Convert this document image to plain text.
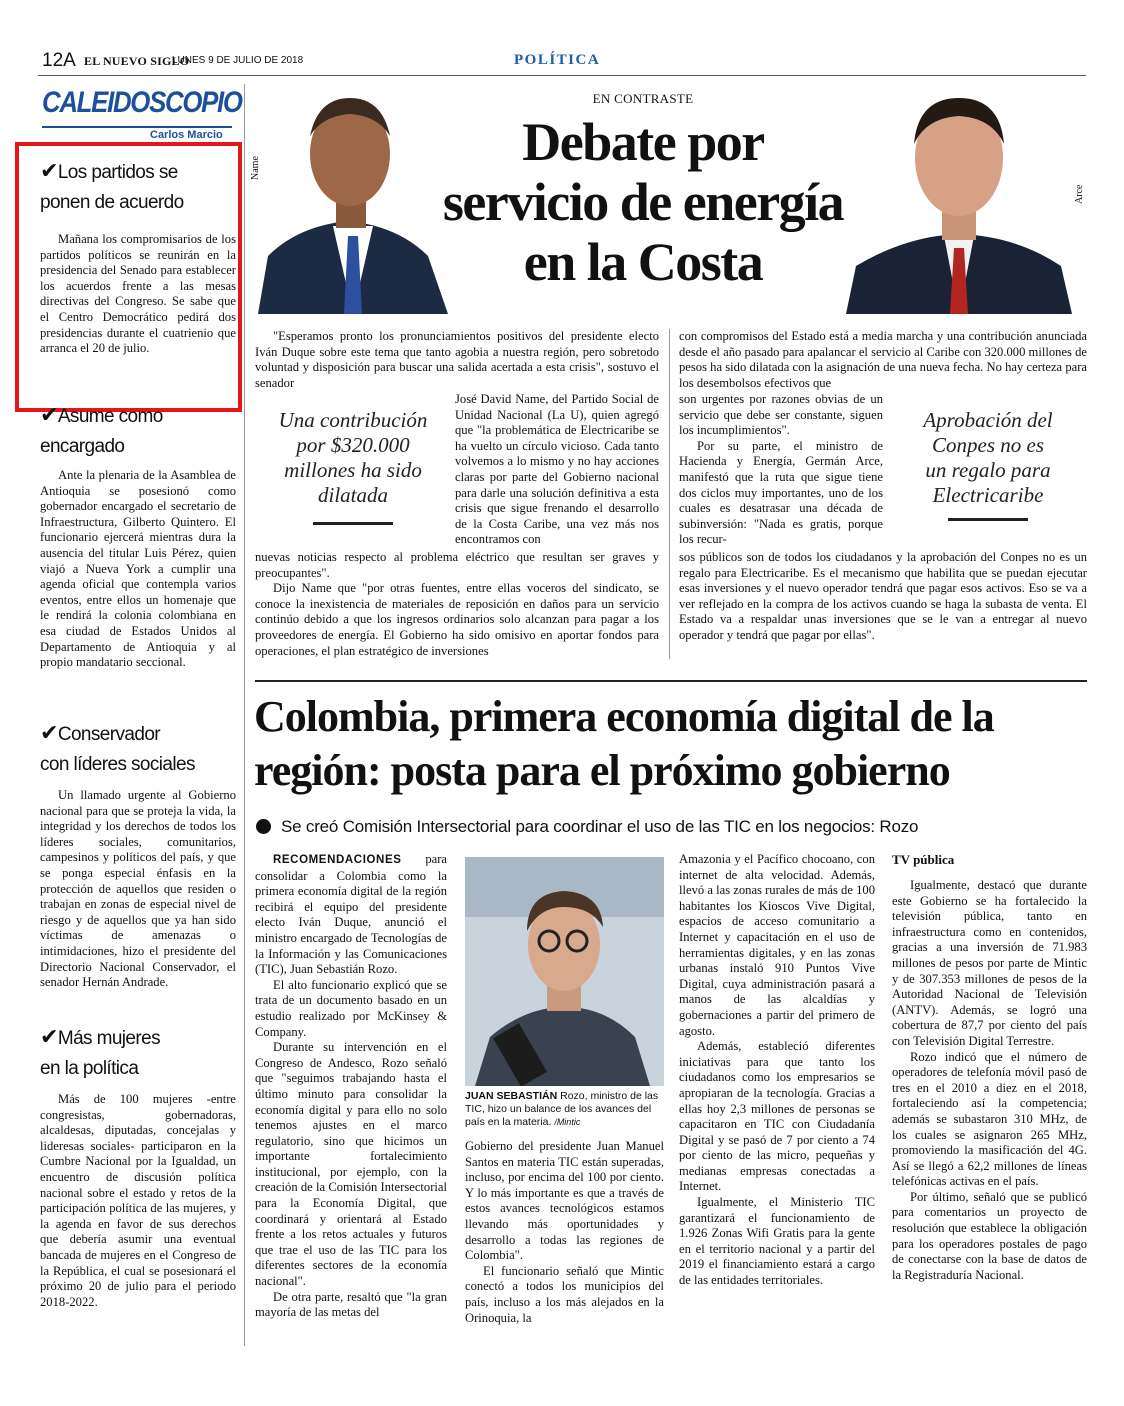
12A EL NUEVO SIGLO
LUNES 9 DE JULIO DE 2018	POLÍTICA
CALEIDOSCOPIO
Carlos Marcio
✔Los partidos se
ponen de acuerdo

Mañana los compromisarios de los partidos políticos se reunirán en la presidencia del Senado para establecer los acuerdos frente a las mesas directivas del Congreso. Se sabe que el Centro Democrático pedirá dos presidencias durante el cuatrienio que arranca el 20 de julio.

✔Asume como
encargado

Ante la plenaria de la Asamblea de Antioquia se posesionó como gobernador encargado el secretario de Infraestructura, Gilberto Quintero. El funcionario ejercerá mientras dura la ausencia del titular Luis Pérez, quien viajó a Nueva York a cumplir una agenda oficial que contempla varios eventos, entre ellos un homenaje que le rendirá la colonia colombiana en esa ciudad de Estados Unidos al Departamento de Antioquia y al propio mandatario seccional.

✔Conservador
con líderes sociales

Un llamado urgente al Gobierno nacional para que se proteja la vida, la integridad y los derechos de todos los líderes sociales, comunitarios, campesinos y políticos del país, y que se ponga especial énfasis en la protección de aquellos que residen o trabajan en zonas de especial nivel de riesgo y de aquellos que ya han sido víctimas de amenazas o intimidaciones, hizo el presidente del Directorio Nacional Conservador, el senador Hernán Andrade.

✔Más mujeres
en la política

Más de 100 mujeres -entre congresistas, gobernadoras, alcaldesas, diputadas, concejalas y lideresas sociales- participaron en la Cumbre Nacional por la Igualdad, un encuentro de discusión política nacional sobre el estado y retos de la participación política de las mujeres, y la agenda en favor de sus derechos que debería asumir una eventual bancada de mujeres en el Congreso de la República, el cual se posesionará el próximo 20 de julio para el periodo 2018-2022.

Name
Arce
EN CONTRASTE
Debate por
servicio de energía
en la Costa

"Esperamos pronto los pronunciamientos positivos del presidente electo Iván Duque sobre este tema que tanto agobia a nuestra región, pero sobretodo voluntad y disposición para buscar una salida acertada a esta crisis", sostuvo el senador

Una contribución
por $320.000
millones ha sido
dilatada

José David Name, del Partido Social de Unidad Nacional (La U), quien agregó que "la problemática de Electricaribe se ha vuelto un círculo vicioso. Cada tanto volvemos a lo mismo y no hay acciones claras por parte del Gobierno nacional para darle una solución definitiva a esta crisis que sigue frenando el desarrollo de la Costa Caribe, una vez más nos encontramos con

nuevas noticias respecto al problema eléctrico que resultan ser graves y preocupantes".

Dijo Name que "por otras fuentes, entre ellas voceros del sindicato, se conoce la inexistencia de materiales de reposición en daños para un servicio continúo debido a que los ingresos ordinarios solo alcanzan para pagar a los proveedores de energía. El Gobierno ha sido omisivo en aportar fondos para operaciones, el plan estratégico de inversiones

con compromisos del Estado está a media marcha y una contribución anunciada desde el año pasado para apalancar el servicio al Caribe con 320.000 millones de pesos ha sido dilatada con la asignación de una nueva fecha. No hay certeza para los desembolsos efectivos que

son urgentes por razones obvias de un servicio que debe ser constante, siguen los incumplimientos".

Por su parte, el ministro de Hacienda y Energía, Germán Arce, manifestó que la ruta que sigue tiene dos ciclos muy importantes, uno de los cuales es desatrasar una década de subinversión: "Nada es gratis, porque los recur-

Aprobación del
Conpes no es
un regalo para
Electricaribe

sos públicos son de todos los ciudadanos y la aprobación del Conpes no es un regalo para Electricaribe. Es el mecanismo que habilita que se puedan ejecutar esas inversiones y el nuevo operador tendrá que pagar esos activos. Eso se va a ver reflejado en la compra de los activos cuando se haga la subasta de venta. El Estado va a respaldar unas inversiones que se le van a entregar al nuevo operador y tendrá que pagar por ellas".

Colombia, primera economía digital de la
región: posta para el próximo gobierno
Se creó Comisión Intersectorial para coordinar el uso de las TIC en los negocios: Rozo

RECOMENDACIONES para consolidar a Colombia como la primera economía digital de la región recibirá el equipo del presidente electo Iván Duque, anunció el ministro encargado de Tecnologías de la Información y las Comunicaciones (TIC), Juan Sebastián Rozo.

El alto funcionario explicó que se trata de un documento basado en un estudio realizado por McKinsey & Company.

Durante su intervención en el Congreso de Andesco, Rozo señaló que "seguimos trabajando hasta el último minuto para consolidar la economía digital y para ello no solo tenemos ajustes en el marco regulatorio, sino que hicimos un importante fortalecimiento institucional, por ejemplo, con la creación de la Comisión Intersectorial para la Economía Digital, que coordinará y orientará al Estado frente a los retos actuales y futuros que trae el uso de las TIC para los diferentes sectores de la economía nacional".

De otra parte, resaltó que "la gran mayoría de las metas del

JUAN SEBASTIÁN Rozo, ministro de las TIC, hizo un balance de los avances del país en la materia. /Mintic

Gobierno del presidente Juan Manuel Santos en materia TIC están superadas, incluso, por encima del 100 por ciento. Y lo más importante es que a través de estos avances tecnológicos estamos llevando más oportunidades y desarrollo a todas las regiones de Colombia".

El funcionario señaló que Mintic conectó a todos los municipios del país, incluso a los más alejados en la Orinoquia, la

Amazonia y el Pacífico chocoano, con internet de alta velocidad. Además, llevó a las zonas rurales de más de 100 habitantes los Kioscos Vive Digital, espacios de acceso comunitario a Internet y capacitación en el uso de herramientas digitales, y en las zonas urbanas instaló 910 Puntos Vive Digital, cuya administración pasará a manos de las alcaldías y gobernaciones a partir del primero de agosto.

Además, estableció diferentes iniciativas para que tanto los ciudadanos como los empresarios se apropiaran de la tecnología. Gracias a ellas hoy 2,3 millones de personas se capacitaron en TIC con Ciudadanía Digital y se pasó de 7 por ciento a 74 por ciento de las micro, pequeñas y medianas empresas conectadas a Internet.

Igualmente, el Ministerio TIC garantizará el funcionamiento de 1.926 Zonas Wifi Gratis para la gente en el territorio nacional y a partir del 2019 el financiamiento estará a cargo de las entidades territoriales.

TV pública

Igualmente, destacó que durante este Gobierno se ha fortalecido la televisión pública, tanto en infraestructura como en contenidos, gracias a una inversión de 71.983 millones de pesos por parte de Mintic y de 307.353 millones de pesos de la Autoridad Nacional de Televisión (ANTV). Además, se logró una cobertura de 87,7 por ciento del país con Televisión Digital Terrestre.

Rozo indicó que el número de operadores de telefonía móvil pasó de tres en el 2010 a diez en el 2018, fortaleciendo así la competencia; además se subastaron 310 MHz, de los cuales se asignaron 265 MHz, promoviendo la masificación del 4G. Así se llegó a 62,2 millones de líneas telefónicas activas en el país.

Por último, señaló que se publicó para comentarios un proyecto de resolución que establece la obligación para los operadores postales de pago de conectarse con la base de datos de la Registraduría Nacional.
